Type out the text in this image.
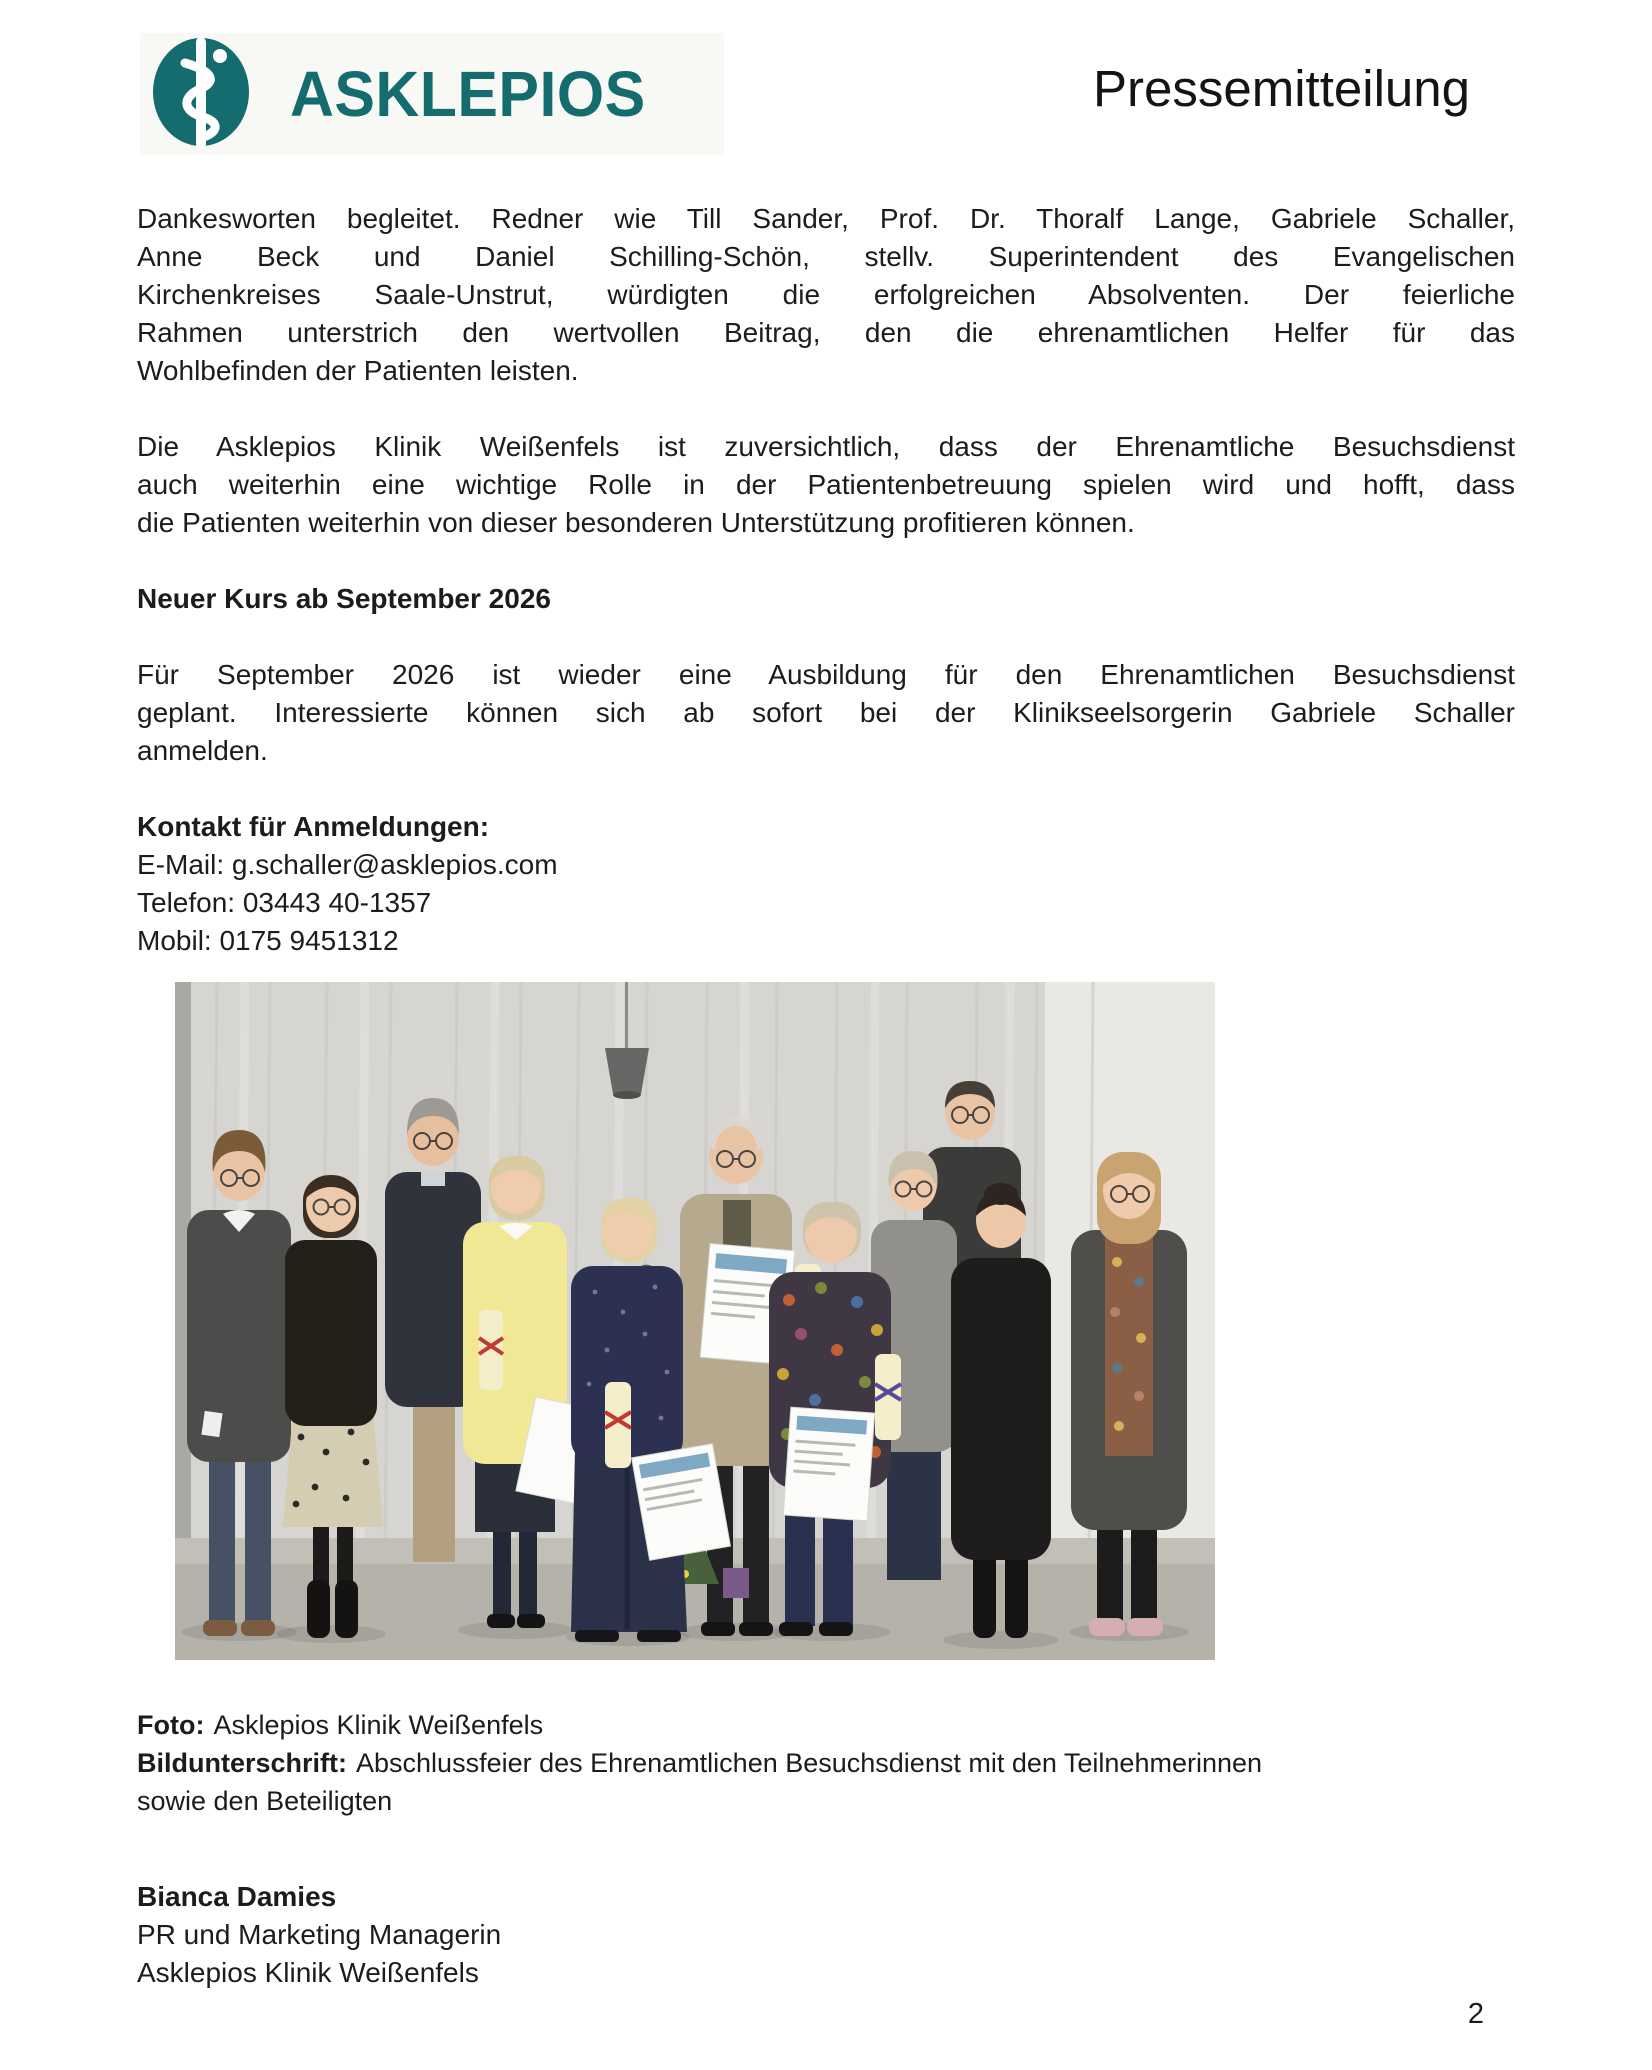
ASKLEPIOS	Pressemitteilung
Dankesworten begleitet. Redner wie Till Sander, Prof. Dr. Thoralf Lange, Gabriele Schaller,
Anne Beck und Daniel Schilling-Schön, stellv. Superintendent des Evangelischen
Kirchenkreises Saale-Unstrut, würdigten die erfolgreichen Absolventen. Der feierliche
Rahmen unterstrich den wertvollen Beitrag, den die ehrenamtlichen Helfer für das
Wohlbefinden der Patienten leisten.
Die Asklepios Klinik Weißenfels ist zuversichtlich, dass der Ehrenamtliche Besuchsdienst
auch weiterhin eine wichtige Rolle in der Patientenbetreuung spielen wird und hofft, dass
die Patienten weiterhin von dieser besonderen Unterstützung profitieren können.
Neuer Kurs ab September 2026
Für September 2026 ist wieder eine Ausbildung für den Ehrenamtlichen Besuchsdienst
geplant. Interessierte können sich ab sofort bei der Klinikseelsorgerin Gabriele Schaller
anmelden.
Kontakt für Anmeldungen:
E-Mail: g.schaller@asklepios.com
Telefon: 03443 40-1357
Mobil: 0175 9451312
Foto: Asklepios Klinik Weißenfels
Bildunterschrift: Abschlussfeier des Ehrenamtlichen Besuchsdienst mit den Teilnehmerinnen
sowie den Beteiligten
Bianca Damies
PR und Marketing Managerin
Asklepios Klinik Weißenfels
2
